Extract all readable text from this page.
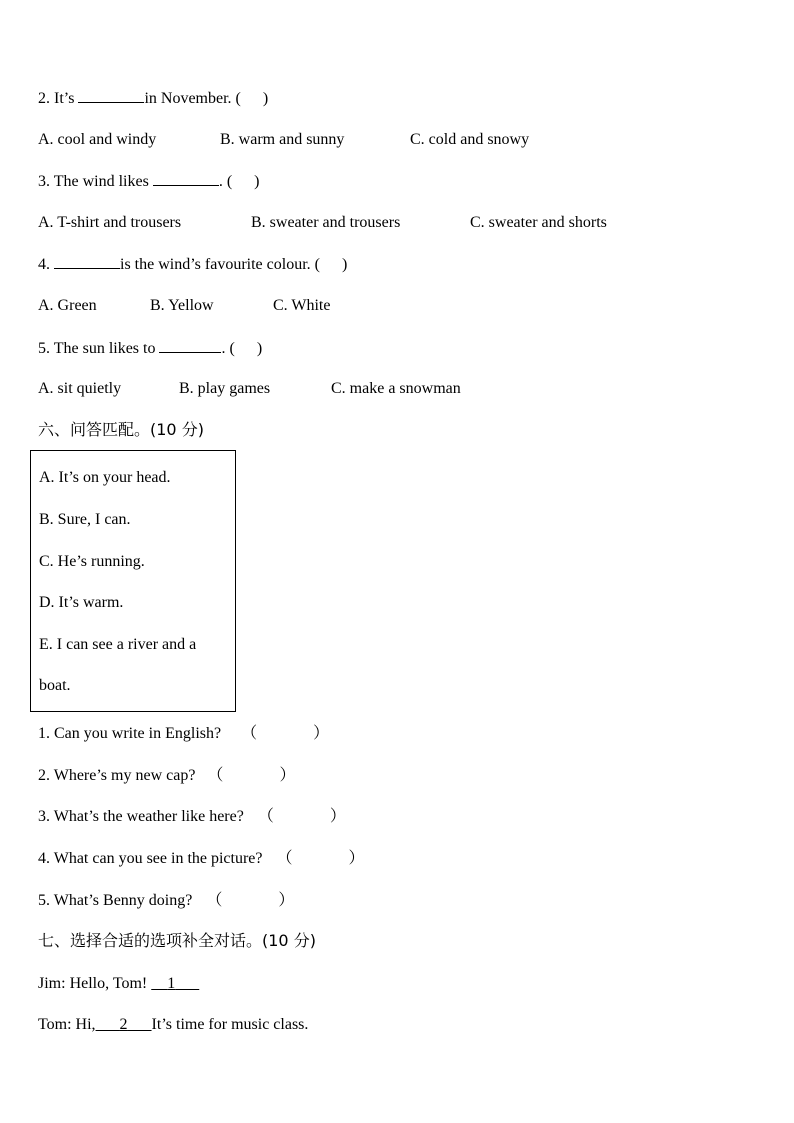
2. It’s	in November. ( )
A. cool and windy	B. warm and sunny	C. cold and snowy
3. The wind likes	. ( )
A. T-shirt and trousers	B. sweater and trousers	C. sweater and shorts
4.	is the wind’s favourite colour. ( )
A. Green	B. Yellow	C. White
5. The sun likes to	. ( )
A. sit quietly	B. play games	C. make a snowman
六、问答匹配。(10 分)
A. It’s on your head.
B. Sure, I can.
C. He’s running.
D. It’s warm.
E. I can see a river and a
boat.
1. Can you write in English? （	）
2. Where’s my new cap? （	）
3. What’s the weather like here? （	）
4. What can you see in the picture? （	）
5. What’s Benny doing? （	）
七、选择合适的选项补全对话。(10 分)
Jim: Hello, Tom!     1
Tom: Hi, 2 It’s time for music class.
